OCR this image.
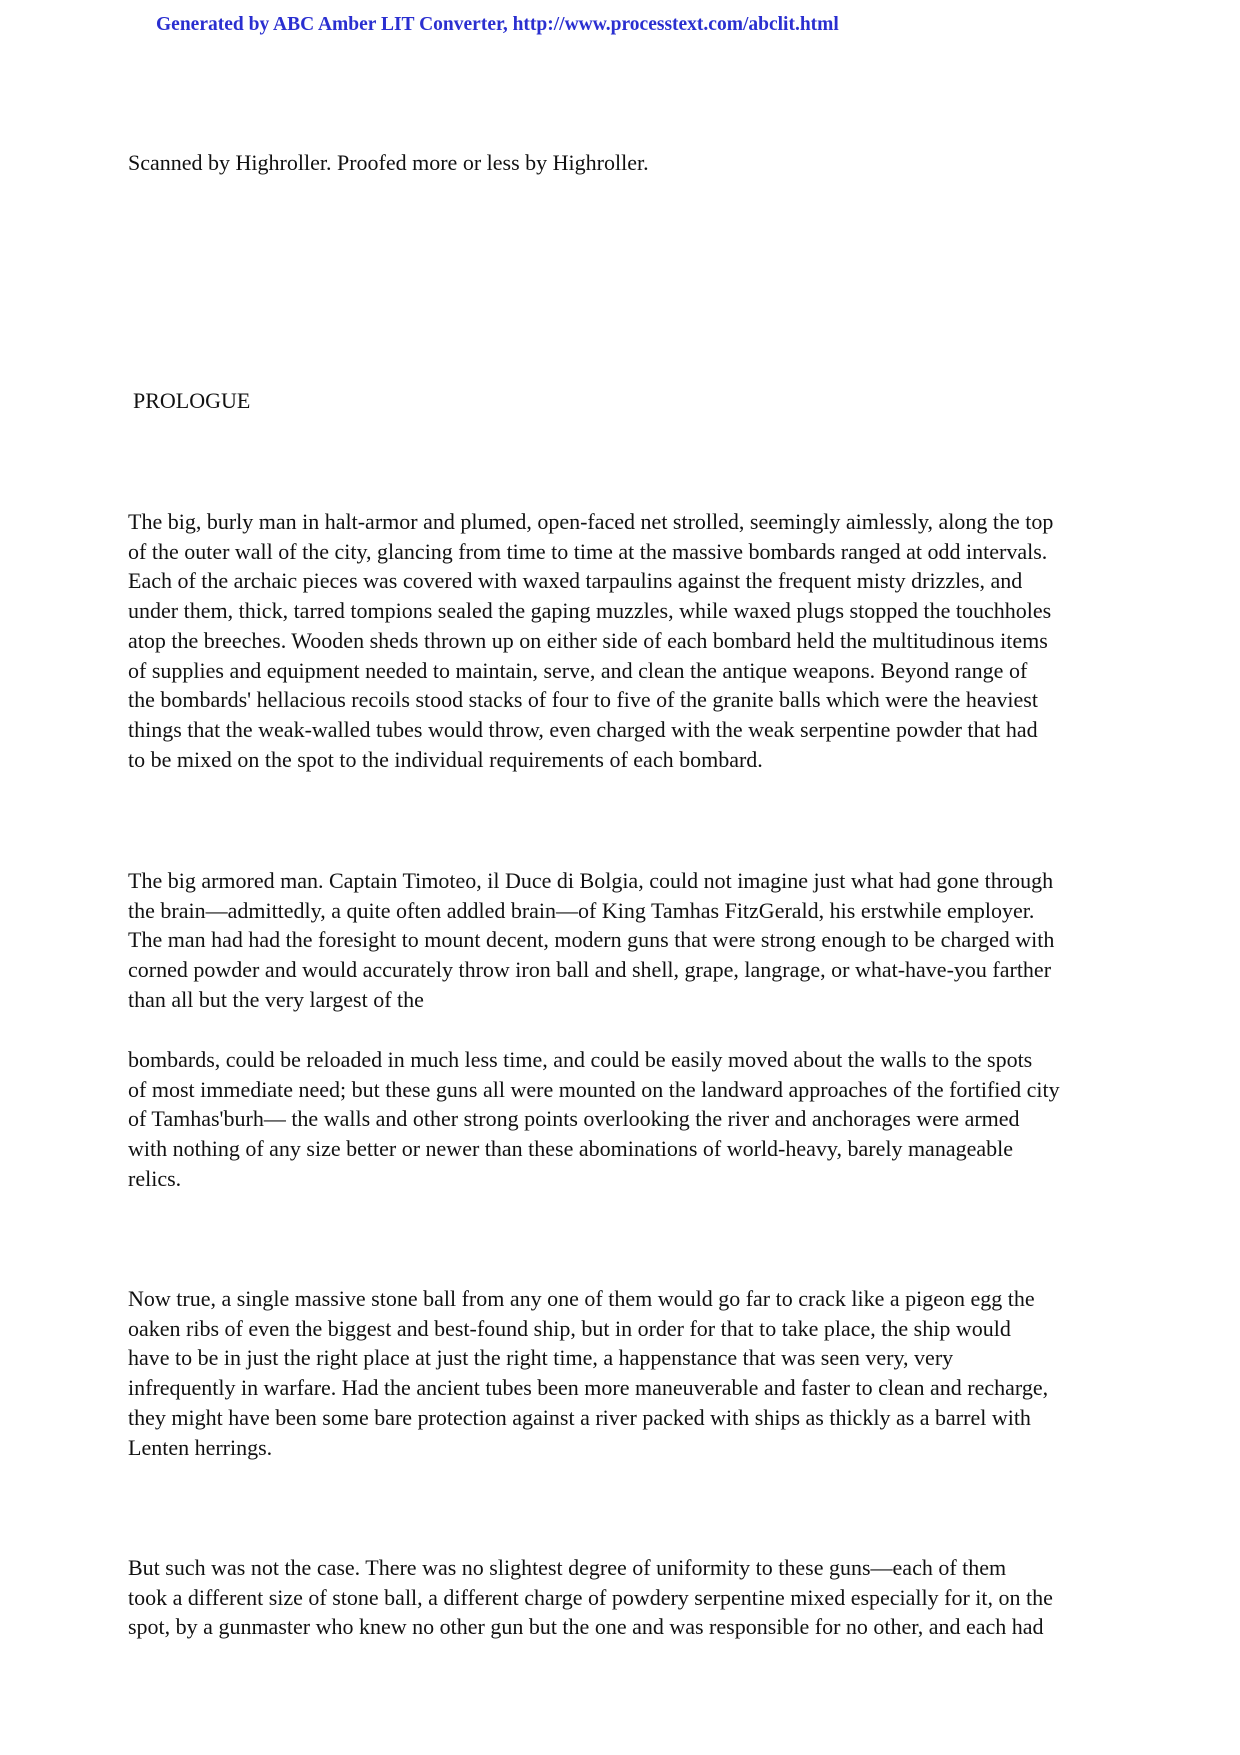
Generated by ABC Amber LIT Converter, http://www.processtext.com/abclit.html
Scanned by Highroller. Proofed more or less by Highroller.
PROLOGUE
The big, burly man in halt-armor and plumed, open-faced net strolled, seemingly aimlessly, along the top
of the outer wall of the city, glancing from time to time at the massive bombards ranged at odd intervals.
Each of the archaic pieces was covered with waxed tarpaulins against the frequent misty drizzles, and
under them, thick, tarred tompions sealed the gaping muzzles, while waxed plugs stopped the touchholes
atop the breeches. Wooden sheds thrown up on either side of each bombard held the multitudinous items
of supplies and equipment needed to maintain, serve, and clean the antique weapons. Beyond range of
the bombards' hellacious recoils stood stacks of four to five of the granite balls which were the heaviest
things that the weak-walled tubes would throw, even charged with the weak serpentine powder that had
to be mixed on the spot to the individual requirements of each bombard.
The big armored man. Captain Timoteo, il Duce di Bolgia, could not imagine just what had gone through
the brain—admittedly, a quite often addled brain—of King Tamhas FitzGerald, his erstwhile employer.
The man had had the foresight to mount decent, modern guns that were strong enough to be charged with
corned powder and would accurately throw iron ball and shell, grape, langrage, or what-have-you farther
than all but the very largest of the
bombards, could be reloaded in much less time, and could be easily moved about the walls to the spots
of most immediate need; but these guns all were mounted on the landward approaches of the fortified city
of Tamhas'burh— the walls and other strong points overlooking the river and anchorages were armed
with nothing of any size better or newer than these abominations of world-heavy, barely manageable
relics.
Now true, a single massive stone ball from any one of them would go far to crack like a pigeon egg the
oaken ribs of even the biggest and best-found ship, but in order for that to take place, the ship would
have to be in just the right place at just the right time, a happenstance that was seen very, very
infrequently in warfare. Had the ancient tubes been more maneuverable and faster to clean and recharge,
they might have been some bare protection against a river packed with ships as thickly as a barrel with
Lenten herrings.
But such was not the case. There was no slightest degree of uniformity to these guns—each of them
took a different size of stone ball, a different charge of powdery serpentine mixed especially for it, on the
spot, by a gunmaster who knew no other gun but the one and was responsible for no other, and each had
